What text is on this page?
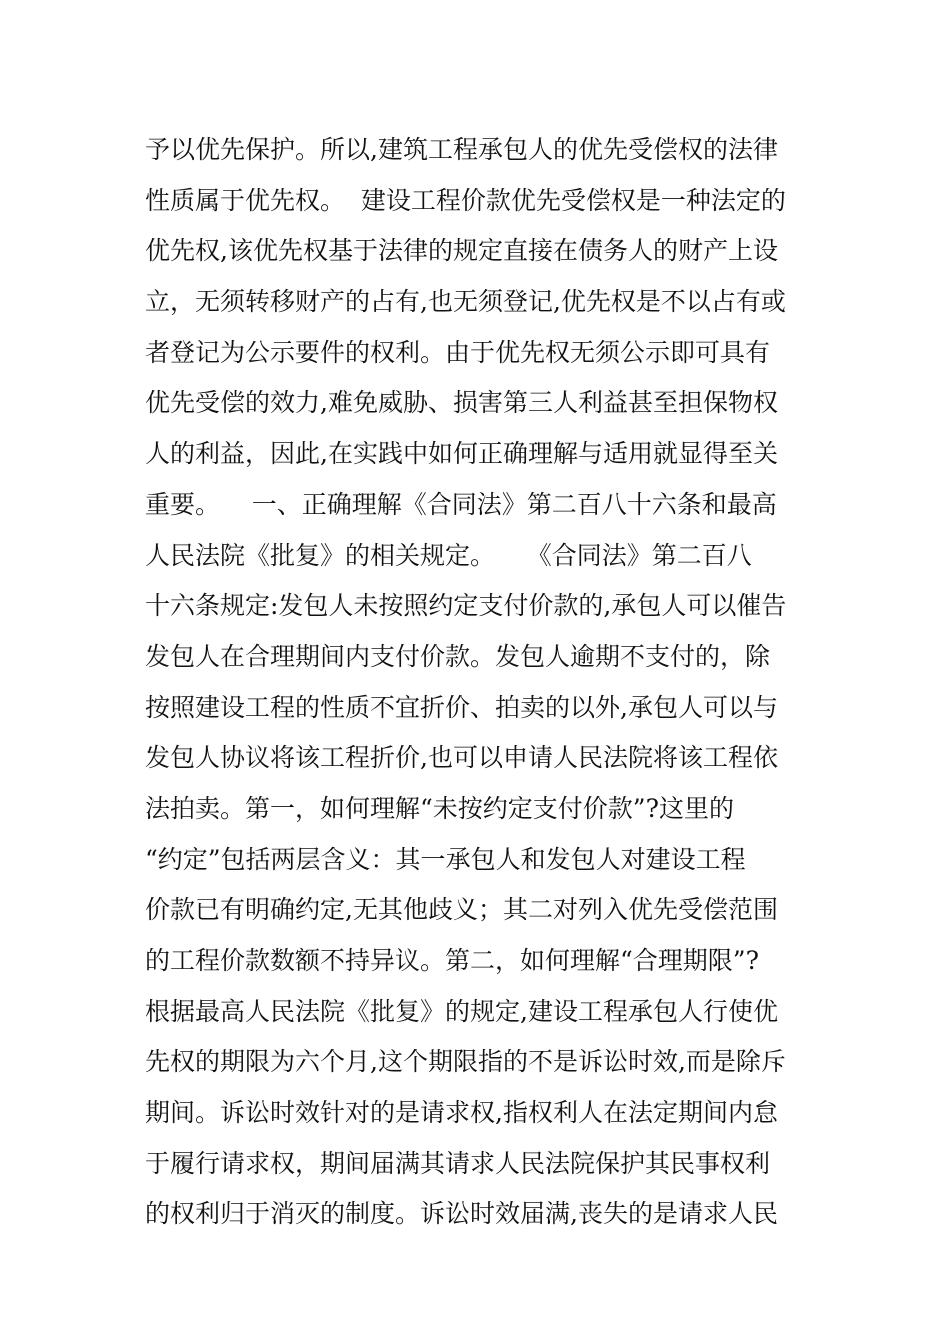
予以优先保护。所以,建筑工程承包人的优先受偿权的法律
性质属于优先权。  建设工程价款优先受偿权是一种法定的
优先权,该优先权基于法律的规定直接在债务人的财产上设
立，无须转移财产的占有,也无须登记,优先权是不以占有或
者登记为公示要件的权利。由于优先权无须公示即可具有
优先受偿的效力,难免威胁、损害第三人利益甚至担保物权
人的利益，因此,在实践中如何正确理解与适用就显得至关
重要。    一、正确理解《合同法》第二百八十六条和最高
人民法院《批复》的相关规定。    《合同法》第二百八
十六条规定:发包人未按照约定支付价款的,承包人可以催告
发包人在合理期间内支付价款。发包人逾期不支付的，除
按照建设工程的性质不宜折价、拍卖的以外,承包人可以与
发包人协议将该工程折价,也可以申请人民法院将该工程依
法拍卖。第一，如何理解“未按约定支付价款”?这里的
“约定”包括两层含义：其一承包人和发包人对建设工程
价款已有明确约定,无其他歧义；其二对列入优先受偿范围
的工程价款数额不持异议。第二，如何理解“合理期限”?
根据最高人民法院《批复》的规定,建设工程承包人行使优
先权的期限为六个月,这个期限指的不是诉讼时效,而是除斥
期间。诉讼时效针对的是请求权,指权利人在法定期间内怠
于履行请求权，期间届满其请求人民法院保护其民事权利
的权利归于消灭的制度。诉讼时效届满,丧失的是请求人民
